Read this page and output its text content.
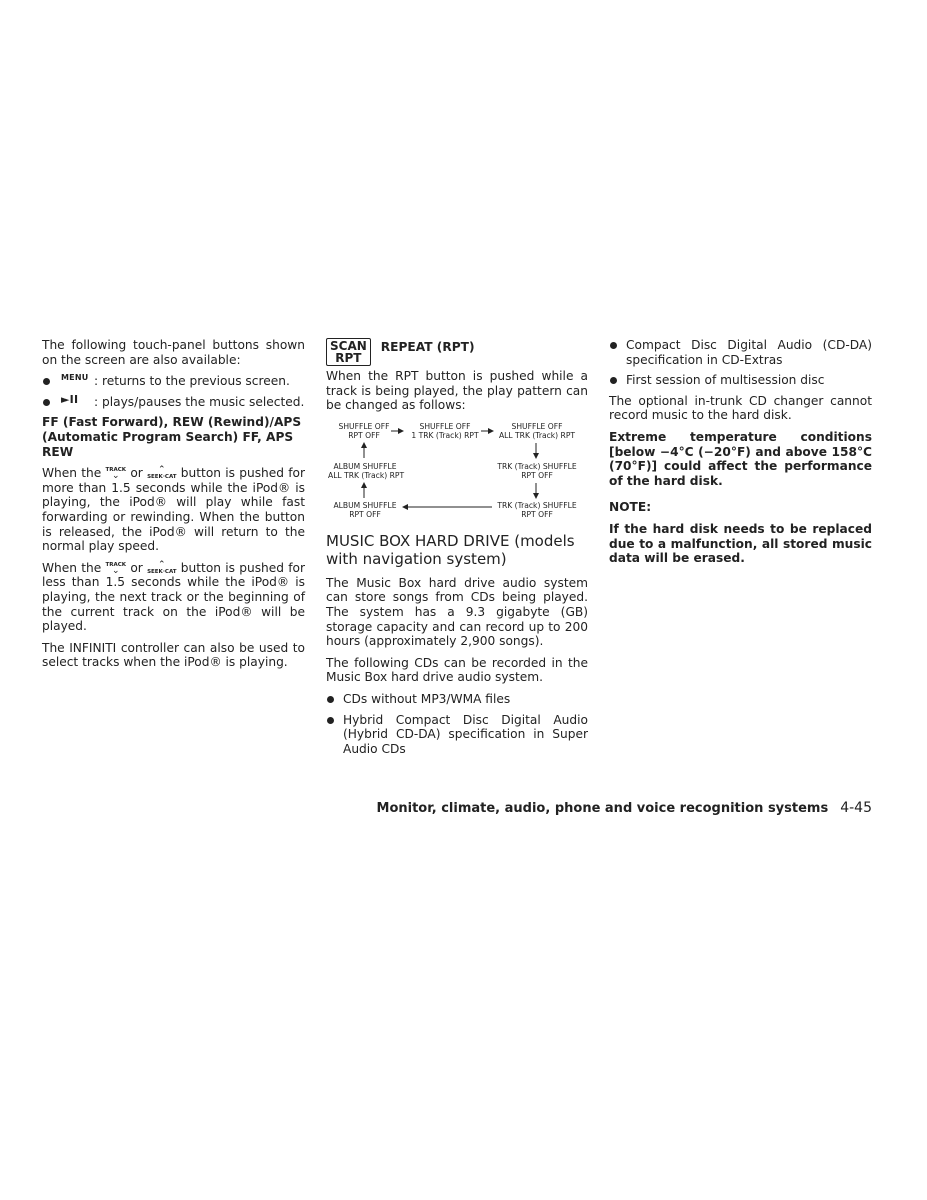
The following touch-panel buttons shown on the screen are also available:

MENU : returns to the previous screen.
►II : plays/pauses the music selected.

FF (Fast Forward), REW (Rewind)/APS (Automatic Program Search) FF, APS REW

When the TRACK
⌄ or ⌃
SEEK·CAT button is pushed for more than 1.5 seconds while the iPod® is playing, the iPod® will play while fast forwarding or rewinding. When the button is released, the iPod® will return to the normal play speed.

When the TRACK
⌄ or ⌃
SEEK·CAT button is pushed for less than 1.5 seconds while the iPod® is playing, the next track or the beginning of the current track on the iPod® will be played.

The INFINITI controller can also be used to select tracks when the iPod® is playing.

SCAN
RPT
REPEAT (RPT)

When the RPT button is pushed while a track is being played, the play pattern can be changed as follows:

SHUFFLE OFF
RPT OFF
SHUFFLE OFF
1 TRK (Track) RPT
SHUFFLE OFF
ALL TRK (Track) RPT
TRK (Track) SHUFFLE
RPT OFF
TRK (Track) SHUFFLE
RPT OFF
ALBUM SHUFFLE
RPT OFF
ALBUM SHUFFLE
ALL TRK (Track) RPT
MUSIC BOX HARD DRIVE (models with navigation system)

The Music Box hard drive audio system can store songs from CDs being played. The system has a 9.3 gigabyte (GB) storage capacity and can record up to 200 hours (approximately 2,900 songs).

The following CDs can be recorded in the Music Box hard drive audio system.

CDs without MP3/WMA files
Hybrid Compact Disc Digital Audio (Hybrid CD-DA) specification in Super Audio CDs
Compact Disc Digital Audio (CD-DA) specification in CD-Extras
First session of multisession disc

The optional in-trunk CD changer cannot record music to the hard disk.

Extreme temperature conditions [below −4°C (−20°F) and above 158°C (70°F)] could affect the performance of the hard disk.

NOTE:

If the hard disk needs to be replaced due to a malfunction, all stored music data will be erased.

Monitor, climate, audio, phone and voice recognition systems 4-45
